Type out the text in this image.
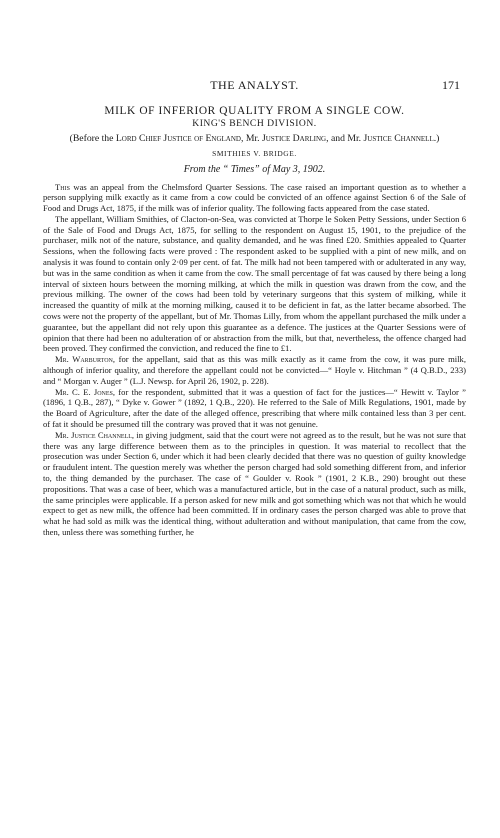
THE ANALYST.	171
MILK OF INFERIOR QUALITY FROM A SINGLE COW.
KING'S BENCH DIVISION.
(Before the Lord Chief Justice of England, Mr. Justice Darling, and Mr. Justice Channell.)
SMITHIES V. BRIDGE.
From the “ Times” of May 3, 1902.

This was an appeal from the Chelmsford Quarter Sessions. The case raised an important question as to whether a person supplying milk exactly as it came from a cow could be convicted of an offence against Section 6 of the Sale of Food and Drugs Act, 1875, if the milk was of inferior quality. The following facts appeared from the case stated.

The appellant, William Smithies, of Clacton-on-Sea, was convicted at Thorpe le Soken Petty Sessions, under Section 6 of the Sale of Food and Drugs Act, 1875, for selling to the respondent on August 15, 1901, to the prejudice of the purchaser, milk not of the nature, substance, and quality demanded, and he was fined £20. Smithies appealed to Quarter Sessions, when the following facts were proved : The respondent asked to be supplied with a pint of new milk, and on analysis it was found to contain only 2·09 per cent. of fat. The milk had not been tampered with or adulterated in any way, but was in the same condition as when it came from the cow. The small percentage of fat was caused by there being a long interval of sixteen hours between the morning milking, at which the milk in question was drawn from the cow, and the previous milking. The owner of the cows had been told by veterinary surgeons that this system of milking, while it increased the quantity of milk at the morning milking, caused it to be deficient in fat, as the latter became absorbed. The cows were not the property of the appellant, but of Mr. Thomas Lilly, from whom the appellant purchased the milk under a guarantee, but the appellant did not rely upon this guarantee as a defence. The justices at the Quarter Sessions were of opinion that there had been no adulteration of or abstraction from the milk, but that, nevertheless, the offence charged had been proved. They confirmed the conviction, and reduced the fine to £1.

Mr. Warburton, for the appellant, said that as this was milk exactly as it came from the cow, it was pure milk, although of inferior quality, and therefore the appellant could not be convicted—“ Hoyle v. Hitchman ” (4 Q.B.D., 233) and “ Morgan v. Auger ” (L.J. Newsp. for April 26, 1902, p. 228).

Mr. C. E. Jones, for the respondent, submitted that it was a question of fact for the justices—“ Hewitt v. Taylor ” (1896, 1 Q.B., 287), “ Dyke v. Gower ” (1892, 1 Q.B., 220). He referred to the Sale of Milk Regulations, 1901, made by the Board of Agriculture, after the date of the alleged offence, prescribing that where milk contained less than 3 per cent. of fat it should be presumed till the contrary was proved that it was not genuine.

Mr. Justice Channell, in giving judgment, said that the court were not agreed as to the result, but he was not sure that there was any large difference between them as to the principles in question. It was material to recollect that the prosecution was under Section 6, under which it had been clearly decided that there was no question of guilty knowledge or fraudulent intent. The question merely was whether the person charged had sold something different from, and inferior to, the thing demanded by the purchaser. The case of “ Goulder v. Rook ” (1901, 2 K.B., 290) brought out these propositions. That was a case of beer, which was a manufactured article, but in the case of a natural product, such as milk, the same principles were applicable. If a person asked for new milk and got something which was not that which he would expect to get as new milk, the offence had been committed. If in ordinary cases the person charged was able to prove that what he had sold as milk was the identical thing, without adulteration and without manipulation, that came from the cow, then, unless there was something further, he
